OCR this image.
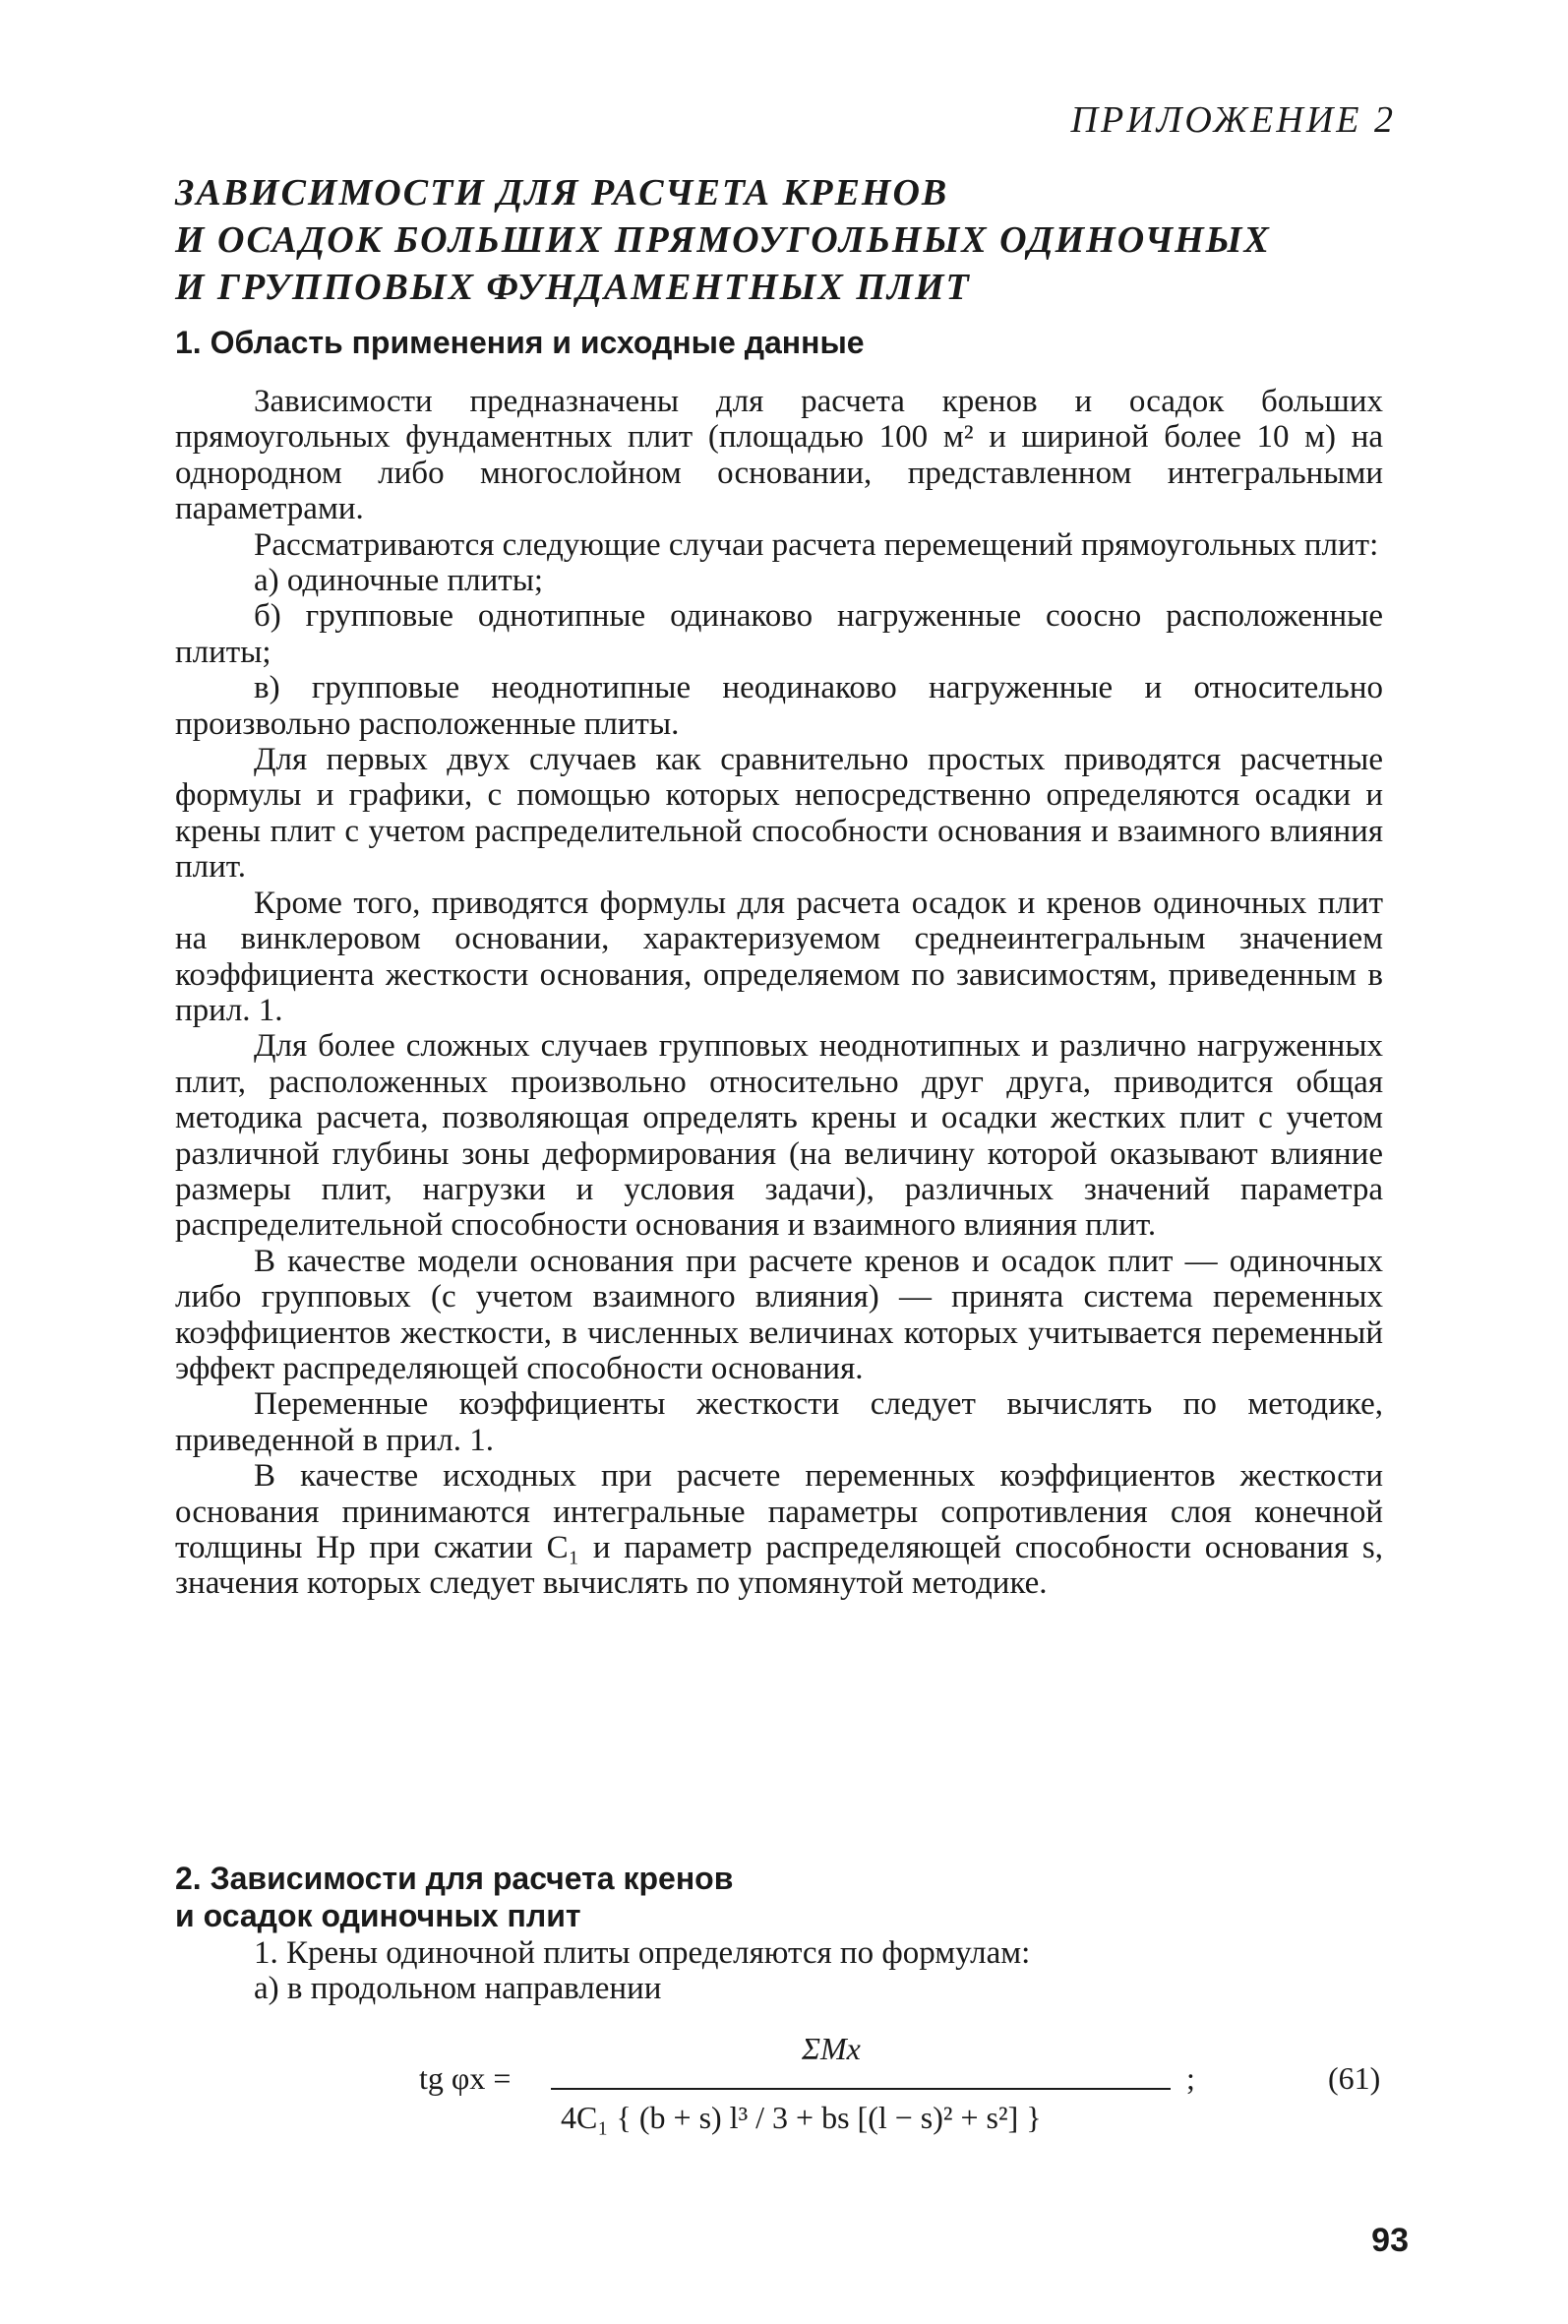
ПРИЛОЖЕНИЕ 2
ЗАВИСИМОСТИ ДЛЯ РАСЧЕТА КРЕНОВ
И ОСАДОК БОЛЬШИХ ПРЯМОУГОЛЬНЫХ ОДИНОЧНЫХ
И ГРУППОВЫХ ФУНДАМЕНТНЫХ ПЛИТ
1. Область применения и исходные данные

Зависимости предназначены для расчета кренов и осадок больших прямоугольных фундаментных плит (площадью 100 м² и шириной более 10 м) на однородном либо многослойном основании, представленном интегральными параметрами.

Рассматриваются следующие случаи расчета перемещений прямоугольных плит:

а) одиночные плиты;

б) групповые однотипные одинаково нагруженные соосно расположенные плиты;

в) групповые неоднотипные неодинаково нагруженные и относительно произвольно расположенные плиты.

Для первых двух случаев как сравнительно простых приводятся расчетные формулы и графики, с помощью которых непосредственно определяются осадки и крены плит с учетом распределительной способности основания и взаимного влияния плит.

Кроме того, приводятся формулы для расчета осадок и кренов одиночных плит на винклеровом основании, характеризуемом среднеинтегральным значением коэффициента жесткости основания, определяемом по зависимостям, приведенным в прил. 1.

Для более сложных случаев групповых неоднотипных и различно нагруженных плит, расположенных произвольно относительно друг друга, приводится общая методика расчета, позволяющая определять крены и осадки жестких плит с учетом различной глубины зоны деформирования (на величину которой оказывают влияние размеры плит, нагрузки и условия задачи), различных значений параметра распределительной способности основания и взаимного влияния плит.

В качестве модели основания при расчете кренов и осадок плит — одиночных либо групповых (с учетом взаимного влияния) — принята система переменных коэффициентов жесткости, в численных величинах которых учитывается переменный эффект распределяющей способности основания.

Переменные коэффициенты жесткости следует вычислять по методике, приведенной в прил. 1.

В качестве исходных при расчете переменных коэффициентов жесткости основания принимаются интегральные параметры сопротивления слоя конечной толщины Hр при сжатии C₁ и параметр распределяющей способности основания s, значения которых следует вычислять по упомянутой методике.

2. Зависимости для расчета кренов
и осадок одиночных плит

1. Крены одиночной плиты определяются по формулам:

а) в продольном направлении

tg φx =
ΣMx
4C₁ { (b + s) l³ / 3 + bs [(l − s)² + s²] }
;	(61)
93
